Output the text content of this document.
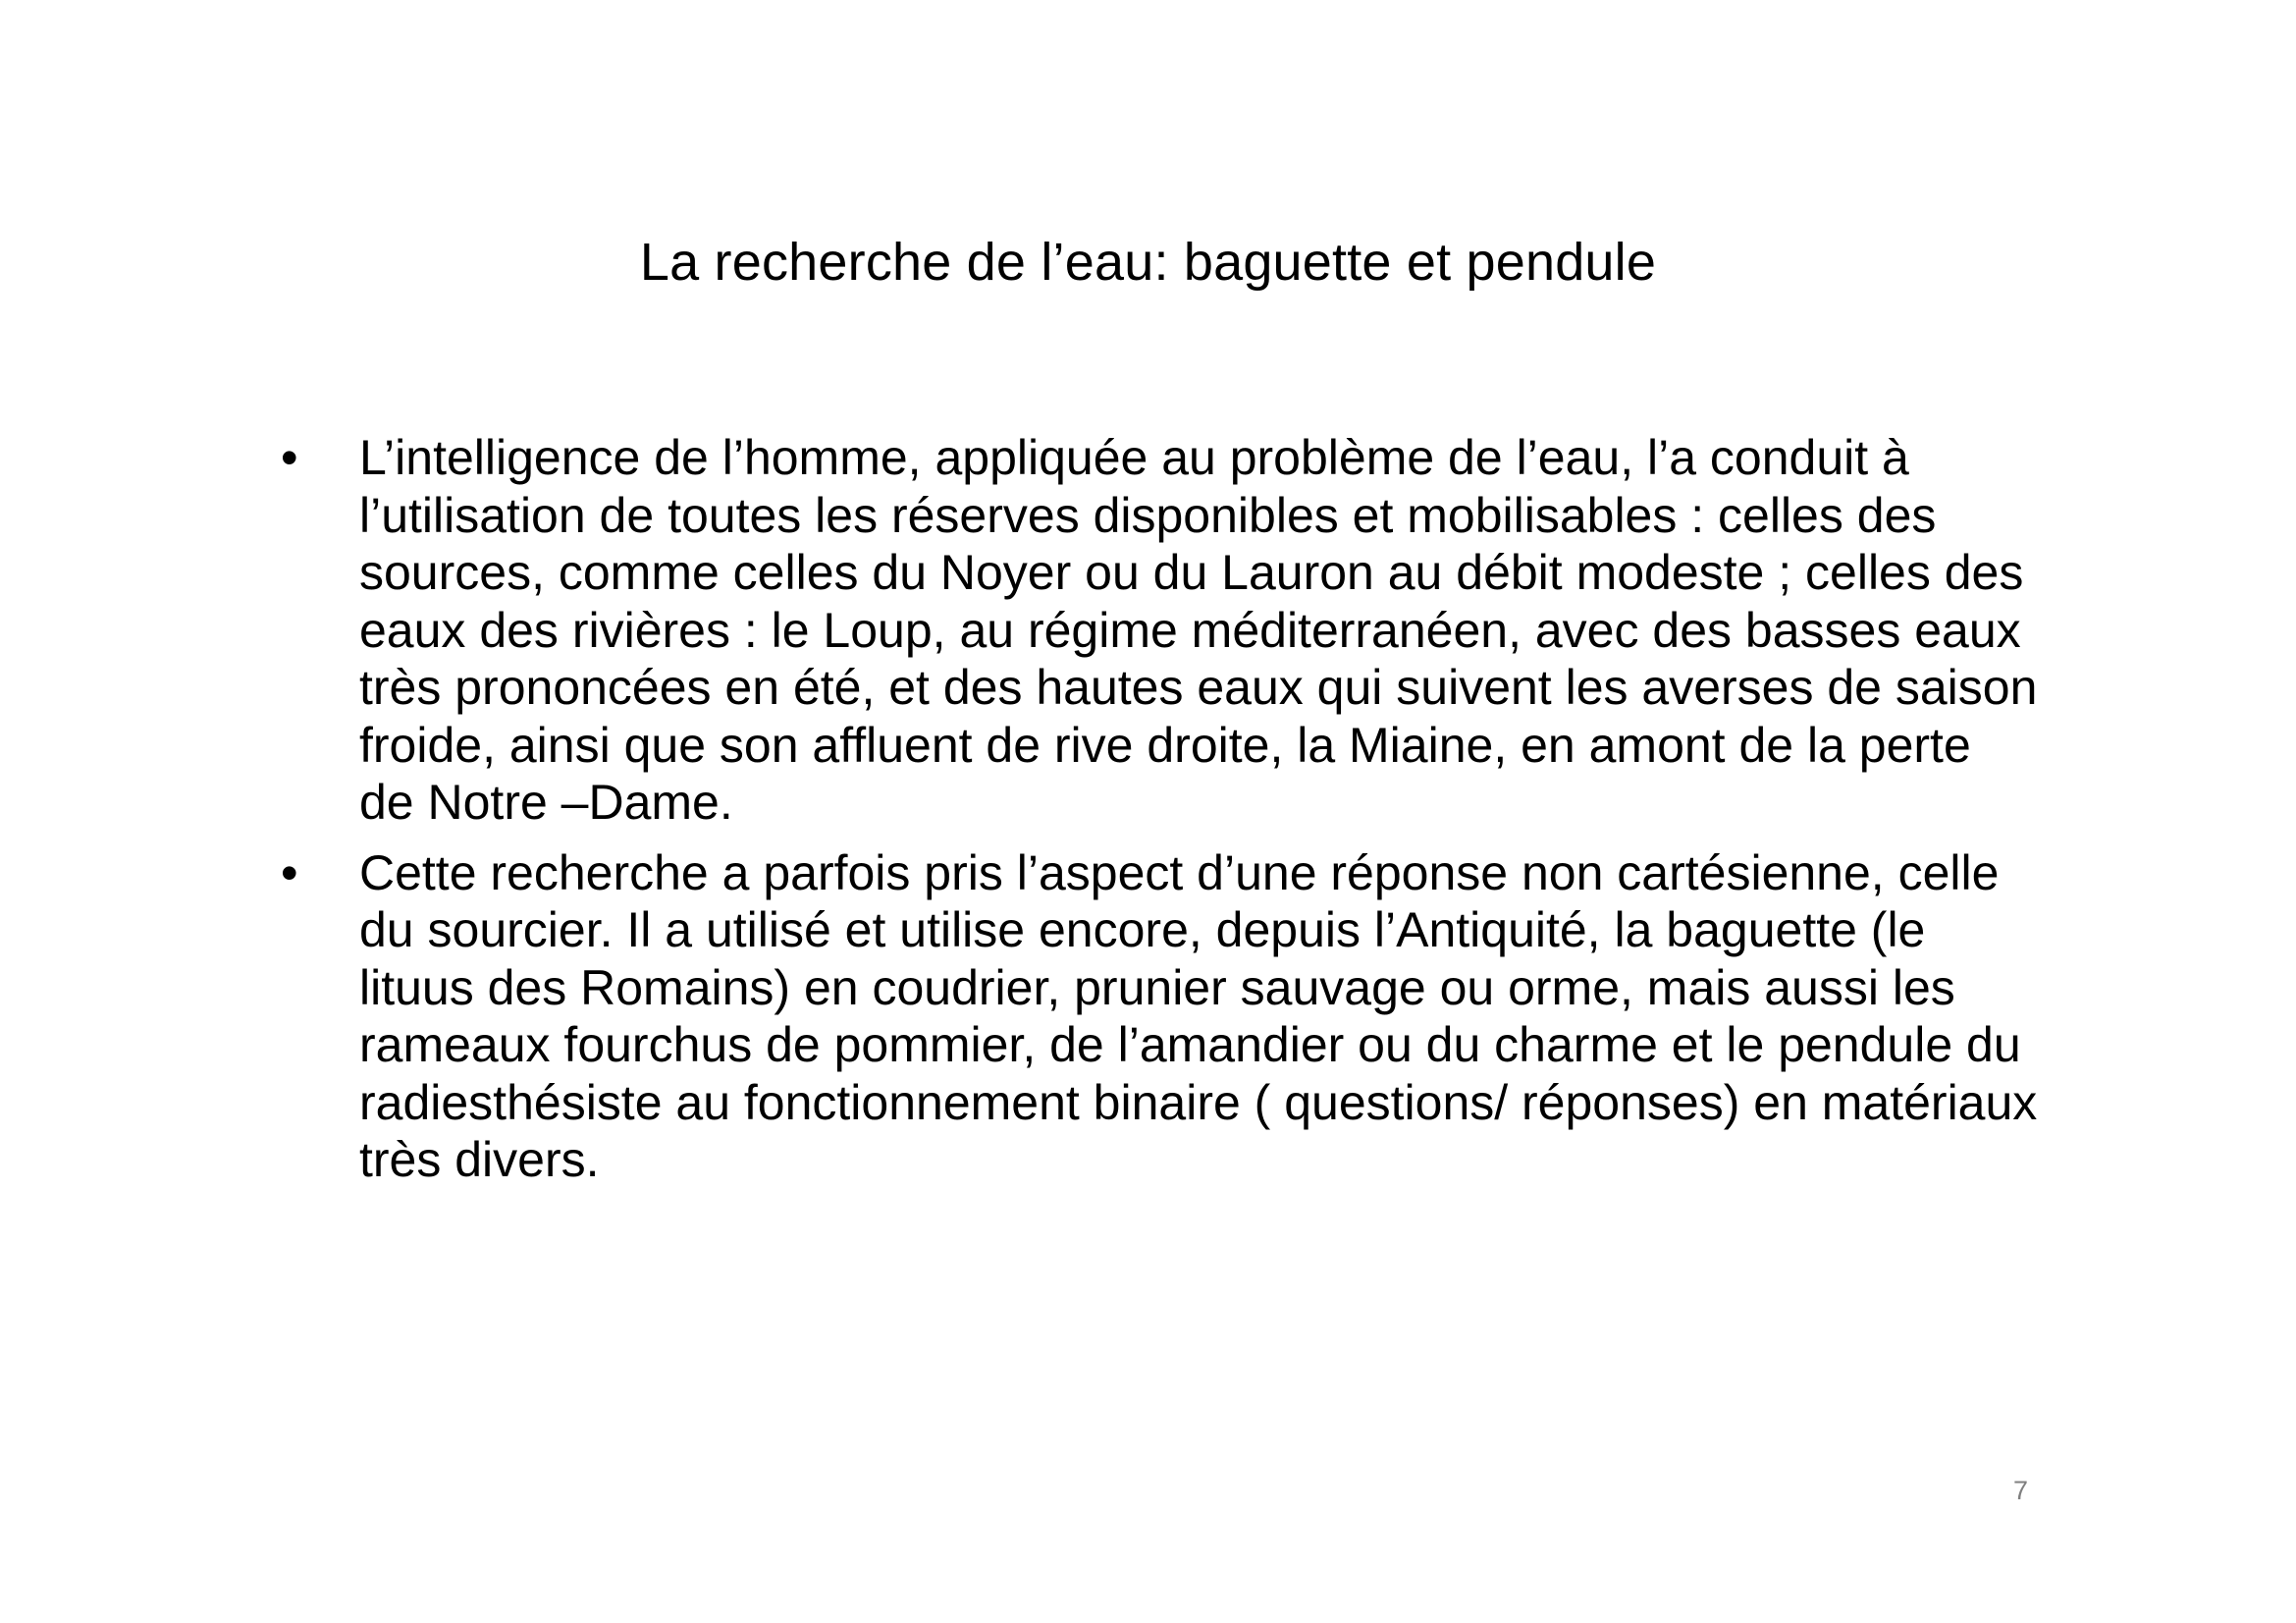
La recherche de l’eau: baguette et pendule
•	L’intelligence de l’homme, appliquée au problème de l’eau, l’a conduit à l’utilisation de toutes les réserves disponibles et mobilisables : celles des sources, comme celles du Noyer ou du Lauron au débit modeste ; celles des eaux des rivières : le Loup, au régime méditerranéen, avec des basses eaux très prononcées en été, et des hautes eaux qui suivent les averses de saison froide, ainsi que son affluent de rive droite, la Miaine, en amont de la perte de Notre –Dame.
•	Cette recherche a parfois pris l’aspect d’une réponse non cartésienne, celle du sourcier. Il a utilisé et utilise encore, depuis l’Antiquité, la baguette (le lituus des Romains) en coudrier, prunier sauvage ou orme, mais aussi les rameaux fourchus de pommier, de l’amandier ou du charme et le pendule du radiesthésiste au fonctionnement binaire ( questions/ réponses) en matériaux très divers.
7
